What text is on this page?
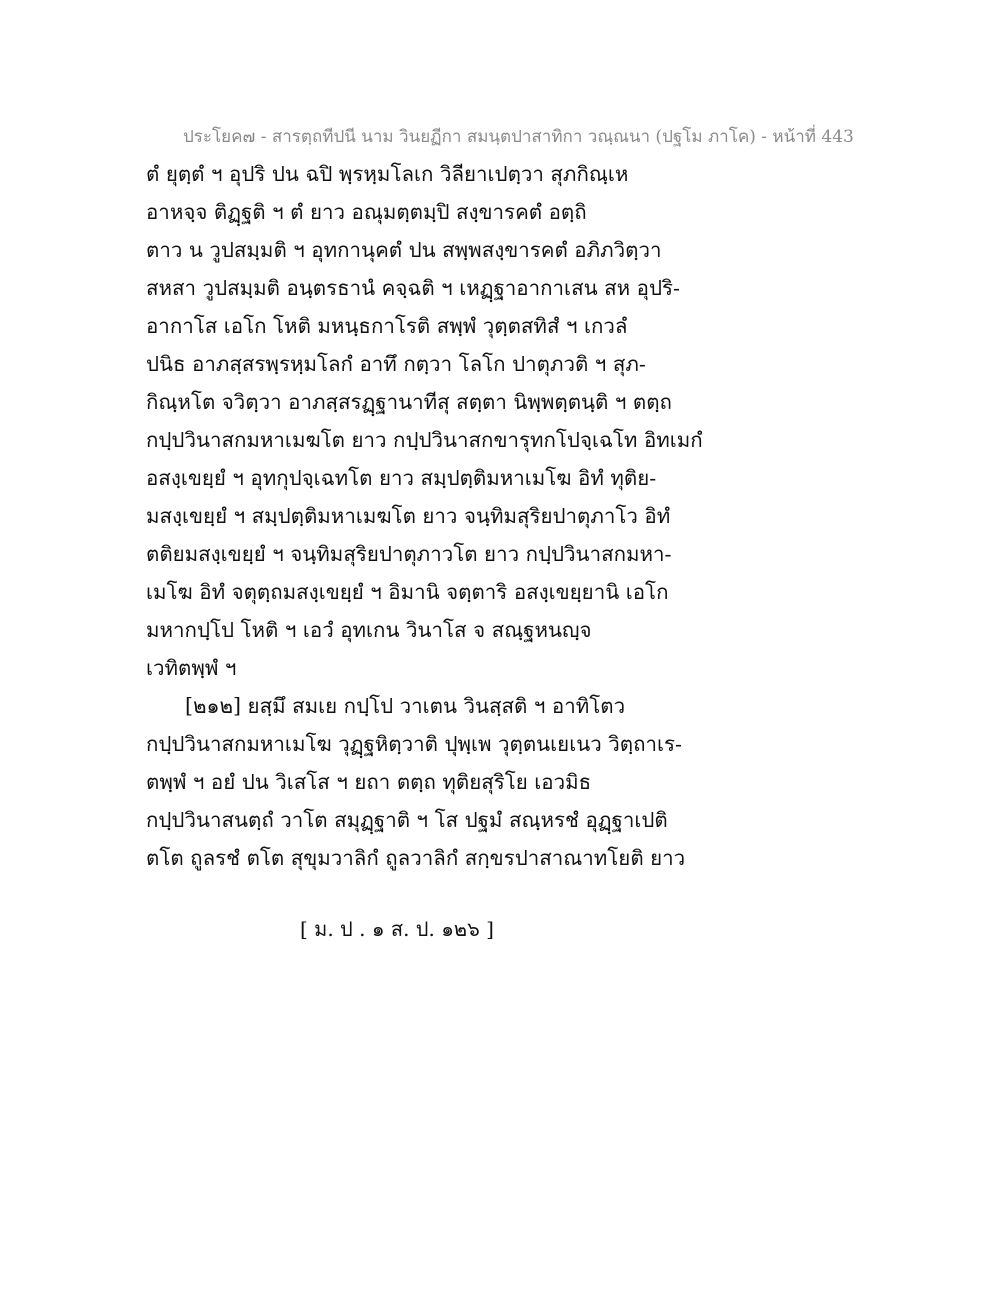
ประโยค๗ - สารตฺถทีปนี นาม วินยฏีกา สมนฺตปาสาทิกา วณฺณนา (ปฐโม ภาโค) - หน้าที่ 443
ตํ ยุตฺตํ ฯ อุปริ ปน ฉปิ พฺรหฺมโลเก วิลียาเปตฺวา สุภกิณฺเห
อาหจฺจ ติฏฺฐติ ฯ ตํ ยาว อณุมตฺตมฺปิ สงฺขารคตํ อตฺถิ
ตาว น วูปสมฺมติ ฯ อุทกานุคตํ ปน สพฺพสงฺขารคตํ อภิภวิตฺวา
สหสา วูปสมฺมติ อนฺตรธานํ คจฺฉติ ฯ เหฏฺฐาอากาเสน สห อุปริ-
อากาโส เอโก โหติ มหนฺธกาโรติ สพฺพํ วุตฺตสทิสํ ฯ เกวลํ
ปนิธ อาภสฺสรพฺรหฺมโลกํ อาทึ กตฺวา โลโก ปาตุภวติ ฯ สุภ-
กิณฺหโต จวิตฺวา อาภสฺสรฏฺฐานาทีสุ สตฺตา นิพฺพตฺตนฺติ ฯ ตตฺถ
กปฺปวินาสกมหาเมฆโต ยาว กปฺปวินาสกขารุทกโปจฺเฉโท อิทเมกํ
อสงฺเขยฺยํ ฯ อุทกุปจฺเฉทโต ยาว สมฺปตฺติมหาเมโฆ อิทํ ทุติย-
มสงฺเขยฺยํ ฯ สมฺปตฺติมหาเมฆโต ยาว จนฺทิมสุริยปาตุภาโว อิทํ
ตติยมสงฺเขยฺยํ ฯ จนฺทิมสุริยปาตุภาวโต ยาว กปฺปวินาสกมหา-
เมโฆ อิทํ จตุตฺถมสงฺเขยฺยํ ฯ อิมานิ จตฺตาริ อสงฺเขยฺยานิ เอโก
มหากปฺโป โหติ ฯ เอวํ อุทเกน วินาโส จ สณฺฐหนญฺจ
เวทิตพฺพํ ฯ
[๒๑๒] ยสฺมึ สมเย กปฺโป วาเตน วินสฺสติ ฯ อาทิโตว
กปฺปวินาสกมหาเมโฆ วุฏฺฐหิตฺวาติ ปุพฺเพ วุตฺตนเยเนว วิตฺถาเร-
ตพฺพํ ฯ อยํ ปน วิเสโส ฯ ยถา ตตฺถ ทุติยสุริโย เอวมิธ
กปฺปวินาสนตฺถํ วาโต สมุฏฺฐาติ ฯ โส ปฐมํ สณฺหรชํ อุฏฺฐาเปติ
ตโต ถูลรชํ ตโต สุขุมวาลิกํ ถูลวาลิกํ สกฺขรปาสาณาทโยติ ยาว
[ ม. ป . ๑ ส. ป. ๑๒๖ ]
